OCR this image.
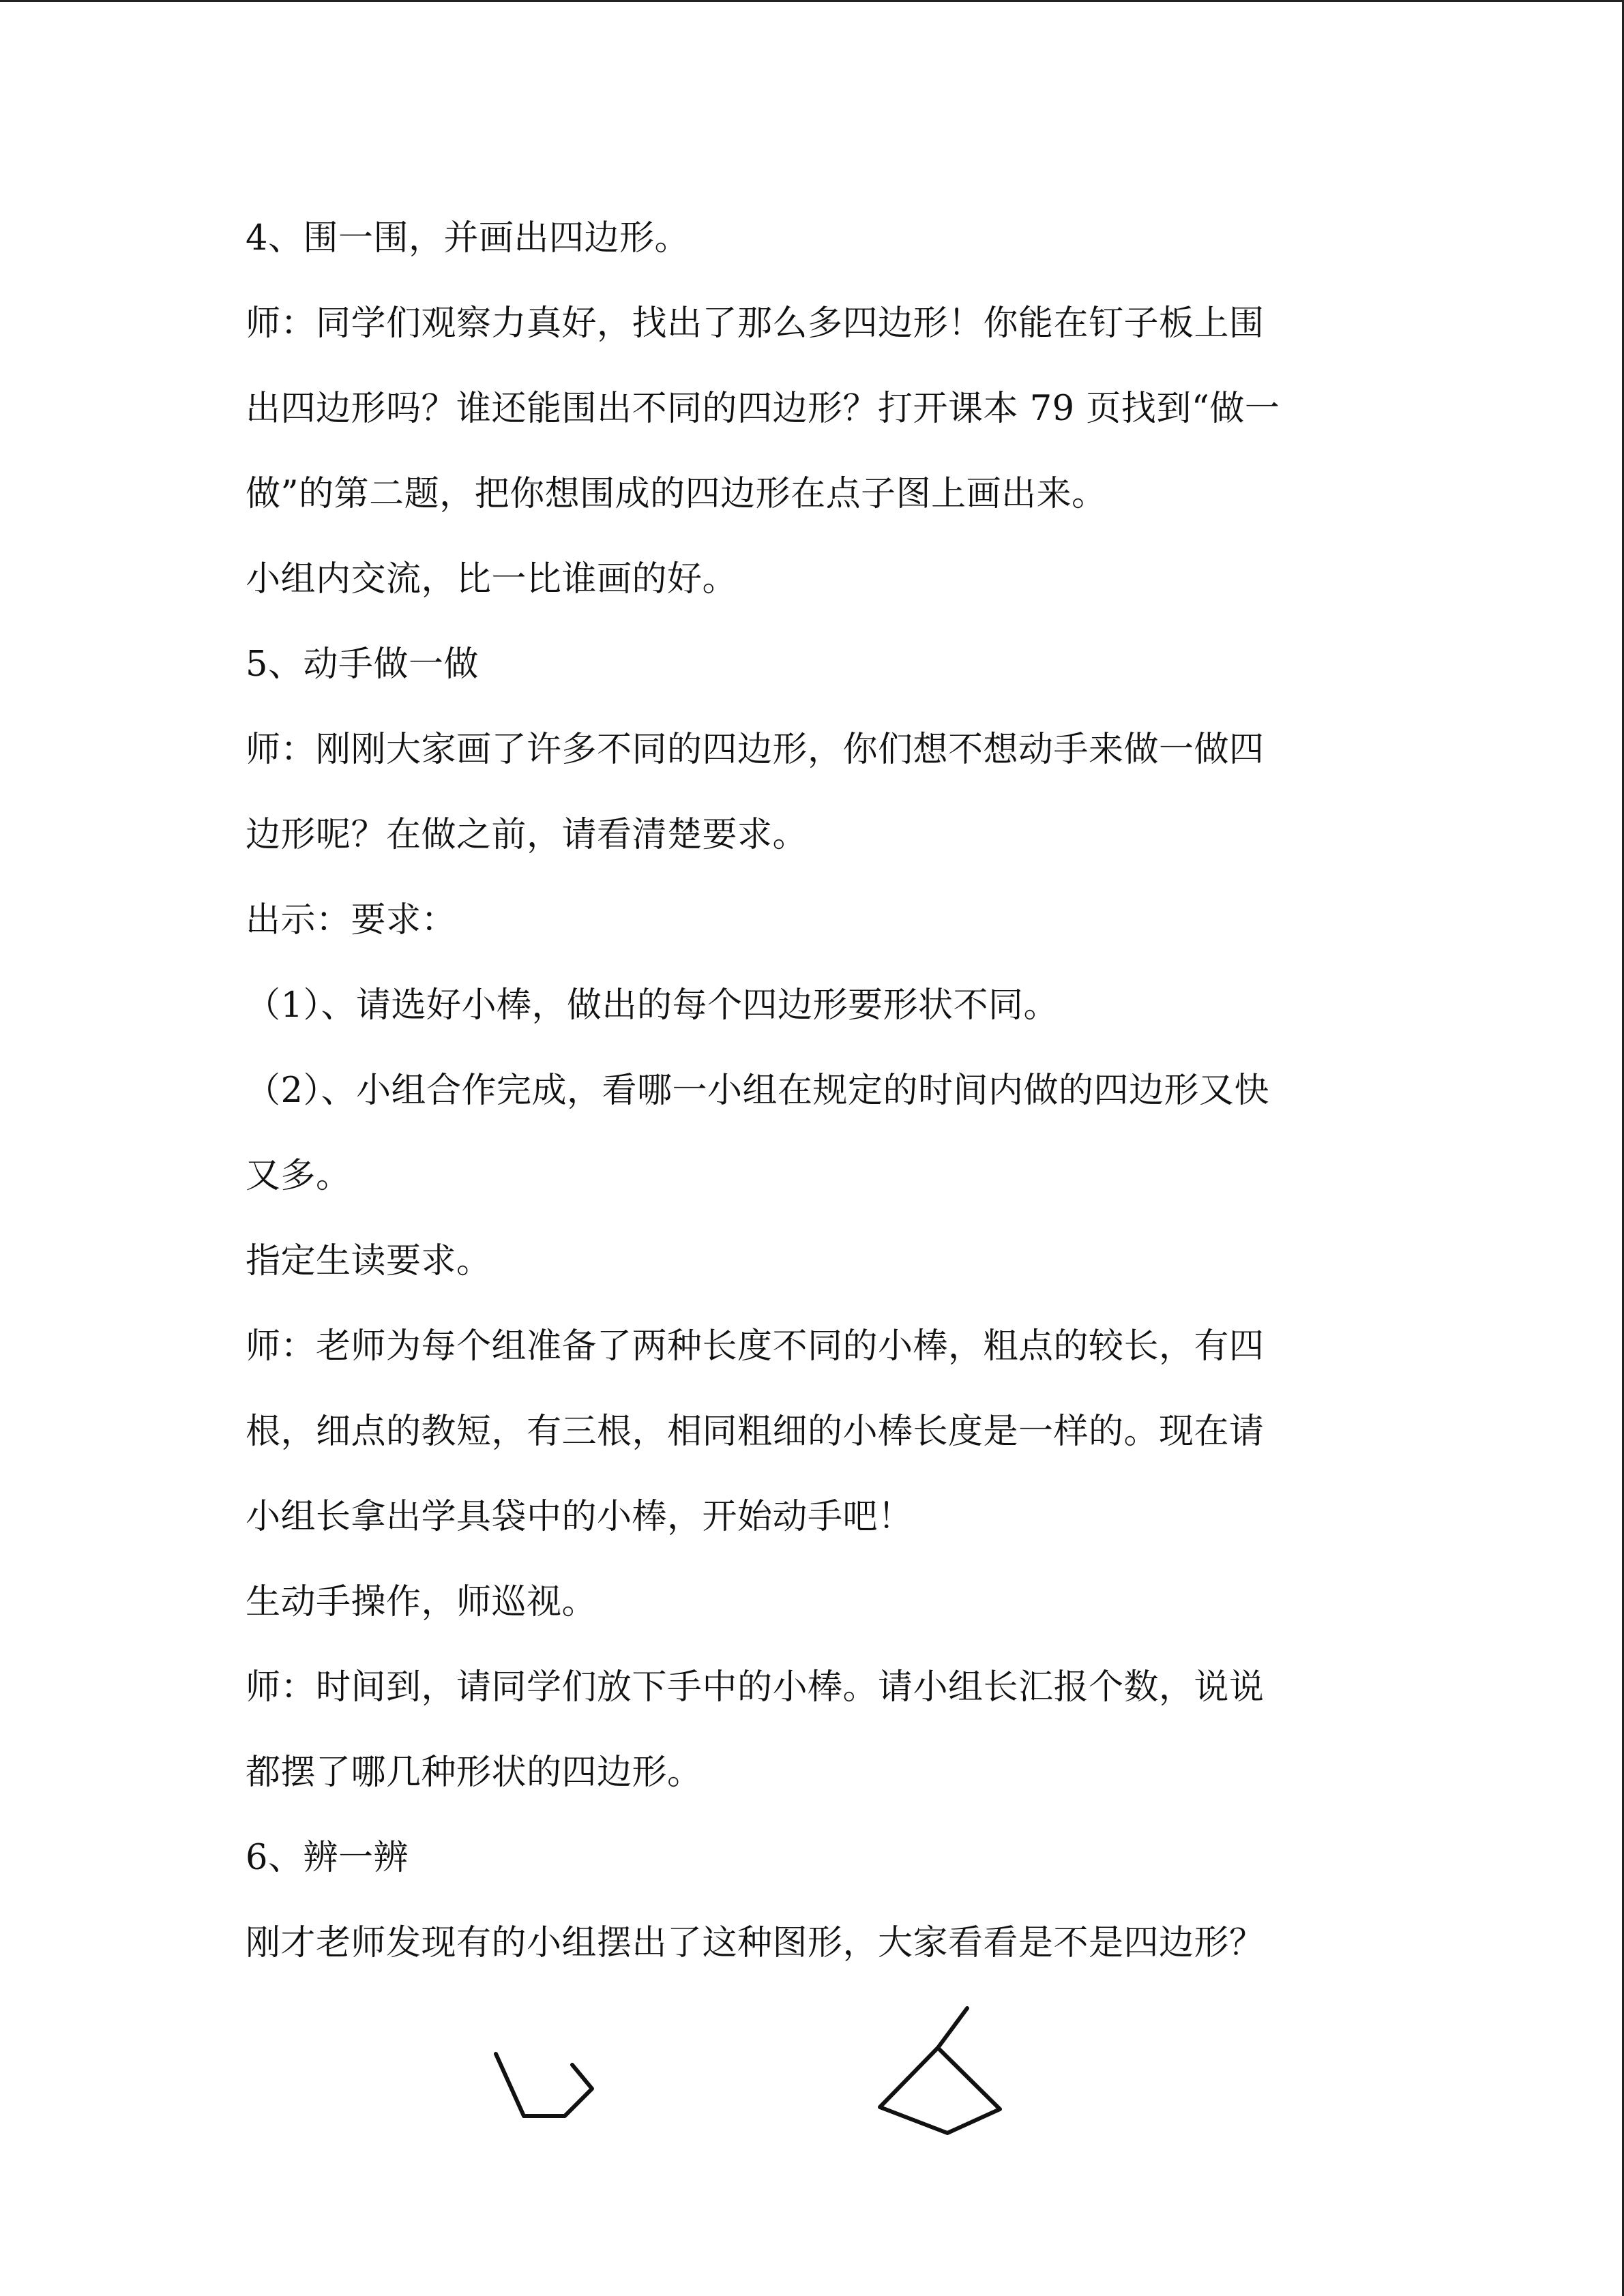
4、围一围，并画出四边形。
师：同学们观察力真好，找出了那么多四边形！你能在钉子板上围
出四边形吗？谁还能围出不同的四边形？打开课本 79 页找到“做一
做”的第二题，把你想围成的四边形在点子图上画出来。
小组内交流，比一比谁画的好。
5、动手做一做
师：刚刚大家画了许多不同的四边形，你们想不想动手来做一做四
边形呢？在做之前，请看清楚要求。
出示：要求：
（1）、请选好小棒，做出的每个四边形要形状不同。
（2）、小组合作完成，看哪一小组在规定的时间内做的四边形又快
又多。
指定生读要求。
师：老师为每个组准备了两种长度不同的小棒，粗点的较长，有四
根，细点的教短，有三根，相同粗细的小棒长度是一样的。现在请
小组长拿出学具袋中的小棒，开始动手吧！
生动手操作，师巡视。
师：时间到，请同学们放下手中的小棒。请小组长汇报个数，说说
都摆了哪几种形状的四边形。
6、辨一辨
刚才老师发现有的小组摆出了这种图形，大家看看是不是四边形？
